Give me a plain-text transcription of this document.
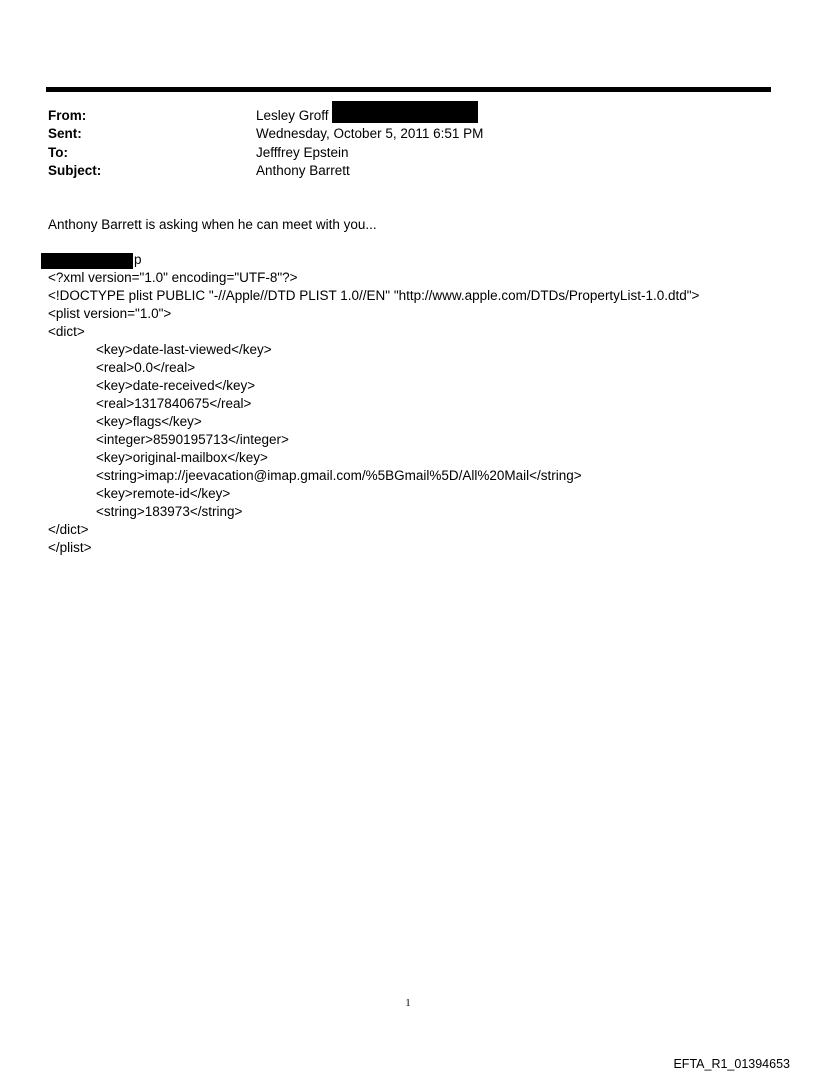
From:	Lesley Groff
Sent:	Wednesday, October 5, 2011 6:51 PM
To:	Jefffrey Epstein
Subject:	Anthony Barrett
Anthony Barrett is asking when he can meet with you...
p
<?xml version="1.0" encoding="UTF-8"?>
<!DOCTYPE plist PUBLIC "-//Apple//DTD PLIST 1.0//EN" "http://www.apple.com/DTDs/PropertyList-1.0.dtd">
<plist version="1.0">
<dict>
<key>date-last-viewed</key>
<real>0.0</real>
<key>date-received</key>
<real>1317840675</real>
<key>flags</key>
<integer>8590195713</integer>
<key>original-mailbox</key>
<string>imap://jeevacation@imap.gmail.com/%5BGmail%5D/All%20Mail</string>
<key>remote-id</key>
<string>183973</string>
</dict>
</plist>
1
EFTA_R1_01394653
